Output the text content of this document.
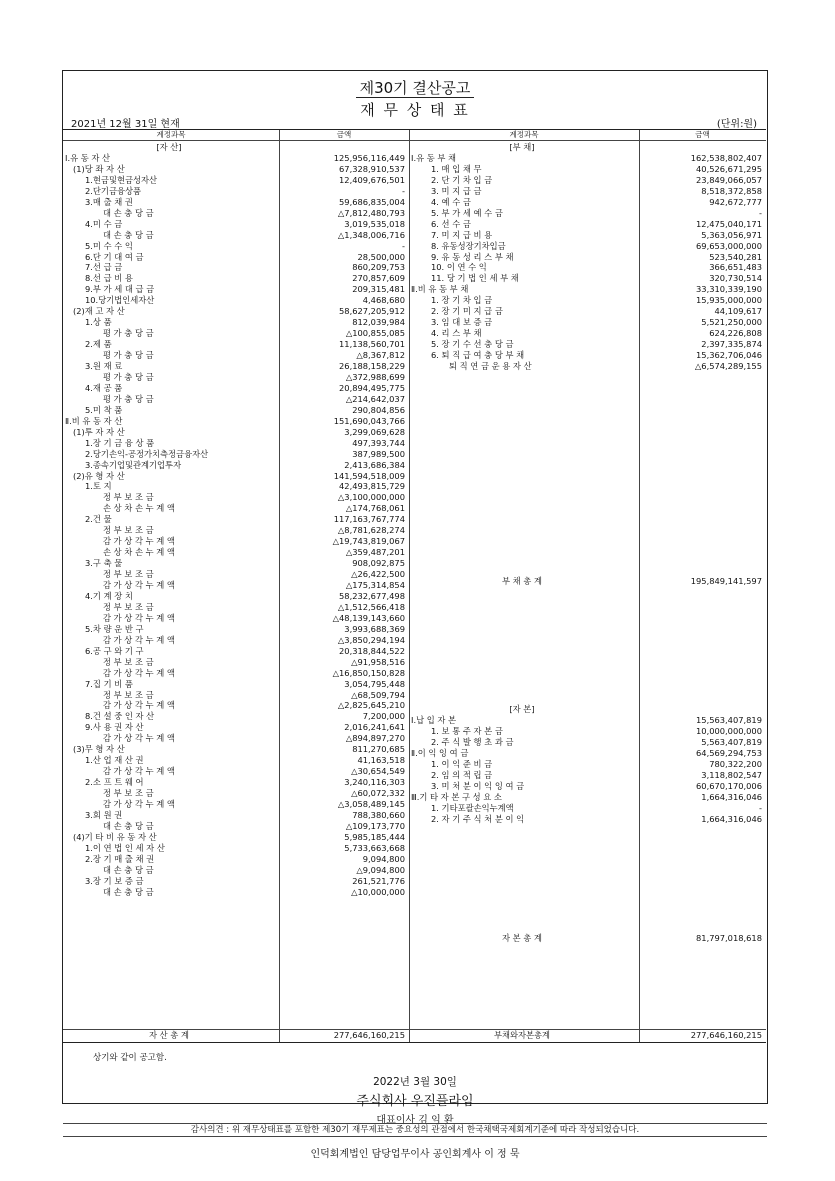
제30기 결산공고
재 무 상 태 표
2021년 12월 31일 현재	(단위:원)
계정과목	금액	계정과목	금액
[자 산]
Ⅰ.유 동 자 산	125,956,116,449
(1)당 좌 자 산	67,328,910,537
1.현금및현금성자산	12,409,676,501
2.단기금융상품	-
3.매 출 채 권	59,686,835,004
대 손 충 당 금	△7,812,480,793
4.미 수 금	3,019,535,018
대 손 충 당 금	△1,348,006,716
5.미 수 수 익	-
6.단 기 대 여 금	28,500,000
7.선 급 금	860,209,753
8.선 급 비 용	270,857,609
9.부 가 세 대 급 금	209,315,481
10.당기법인세자산	4,468,680
(2)재 고 자 산	58,627,205,912
1.상 품	812,039,984
평 가 충 당 금	△100,855,085
2.제 품	11,138,560,701
평 가 충 당 금	△8,367,812
3.원 재 료	26,188,158,229
평 가 충 당 금	△372,988,699
4.재 공 품	20,894,495,775
평 가 충 당 금	△214,642,037
5.미 착 품	290,804,856
Ⅱ.비 유 동 자 산	151,690,043,766
(1)투 자 자 산	3,299,069,628
1.장 기 금 융 상 품	497,393,744
2.당기손익-공정가치측정금융자산	387,989,500
3.종속기업및관계기업투자	2,413,686,384
(2)유 형 자 산	141,594,518,009
1.토 지	42,493,815,729
정 부 보 조 금	△3,100,000,000
손 상 차 손 누 계 액	△174,768,061
2.건 물	117,163,767,774
정 부 보 조 금	△8,781,628,274
감 가 상 각 누 계 액	△19,743,819,067
손 상 차 손 누 계 액	△359,487,201
3.구 축 물	908,092,875
정 부 보 조 금	△26,422,500
감 가 상 각 누 계 액	△175,314,854
4.기 계 장 치	58,232,677,498
정 부 보 조 금	△1,512,566,418
감 가 상 각 누 계 액	△48,139,143,660
5.차 량 운 반 구	3,993,688,369
감 가 상 각 누 계 액	△3,850,294,194
6.공 구 와 기 구	20,318,844,522
정 부 보 조 금	△91,958,516
감 가 상 각 누 계 액	△16,850,150,828
7.집 기 비 품	3,054,795,448
정 부 보 조 금	△68,509,794
감 가 상 각 누 계 액	△2,825,645,210
8.건 설 중 인 자 산	7,200,000
9.사 용 권 자 산	2,016,241,641
감 가 상 각 누 계 액	△894,897,270
(3)무 형 자 산	811,270,685
1.산 업 재 산 권	41,163,518
감 가 상 각 누 계 액	△30,654,549
2.소 프 트 웨 어	3,240,116,303
정 부 보 조 금	△60,072,332
감 가 상 각 누 계 액	△3,058,489,145
3.회 원 권	788,380,660
대 손 충 당 금	△109,173,770
(4)기 타 비 유 동 자 산	5,985,185,444
1.이 연 법 인 세 자 산	5,733,663,668
2.장 기 매 출 채 권	9,094,800
대 손 충 당 금	△9,094,800
3.장 기 보 증 금	261,521,776
대 손 충 당 금	△10,000,000
[부 채]
Ⅰ.유 동 부 채	162,538,802,407
1. 매 입 채 무	40,526,671,295
2. 단 기 차 입 금	23,849,066,057
3. 미 지 급 금	8,518,372,858
4. 예 수 금	942,672,777
5. 부 가 세 예 수 금	-
6. 선 수 금	12,475,040,171
7. 미 지 급 비 용	5,363,056,971
8. 유동성장기차입금	69,653,000,000
9. 유 동 성 리 스 부 채	523,540,281
10. 이 연 수 익	366,651,483
11. 당 기 법 인 세 부 채	320,730,514
Ⅱ.비 유 동 부 채	33,310,339,190
1. 장 기 차 입 금	15,935,000,000
2. 장 기 미 지 급 금	44,109,617
3. 임 대 보 증 금	5,521,250,000
4. 리 스 부 채	624,226,808
5. 장 기 수 선 충 당 금	2,397,335,874
6. 퇴 직 급 여 충 당 부 채	15,362,706,046
퇴 직 연 금 운 용 자 산	△6,574,289,155
부 채 총 계	195,849,141,597
[자 본]
Ⅰ.납 입 자 본	15,563,407,819
1. 보 통 주 자 본 금	10,000,000,000
2. 주 식 발 행 초 과 금	5,563,407,819
Ⅱ.이 익 잉 여 금	64,569,294,753
1. 이 익 준 비 금	780,322,200
2. 임 의 적 립 금	3,118,802,547
3. 미 처 분 이 익 잉 여 금	60,670,170,006
Ⅲ.기 타 자 본 구 성 요 소	1,664,316,046
1. 기타포괄손익누계액	-
2. 자 기 주 식 처 분 이 익	1,664,316,046
자 본 총 계	81,797,018,618
자 산 총 계	277,646,160,215	부채와자본총계	277,646,160,215
상기와 같이 공고함.
2022년 3월 30일
주식회사 우진플라임
대표이사 김 익 환
감사의견 : 위 재무상태표를 포함한 제30기 재무제표는 중요성의 관점에서 한국채택국제회계기준에 따라 작성되었습니다.
인덕회계법인 담당업무이사 공인회계사 이 정 묵
